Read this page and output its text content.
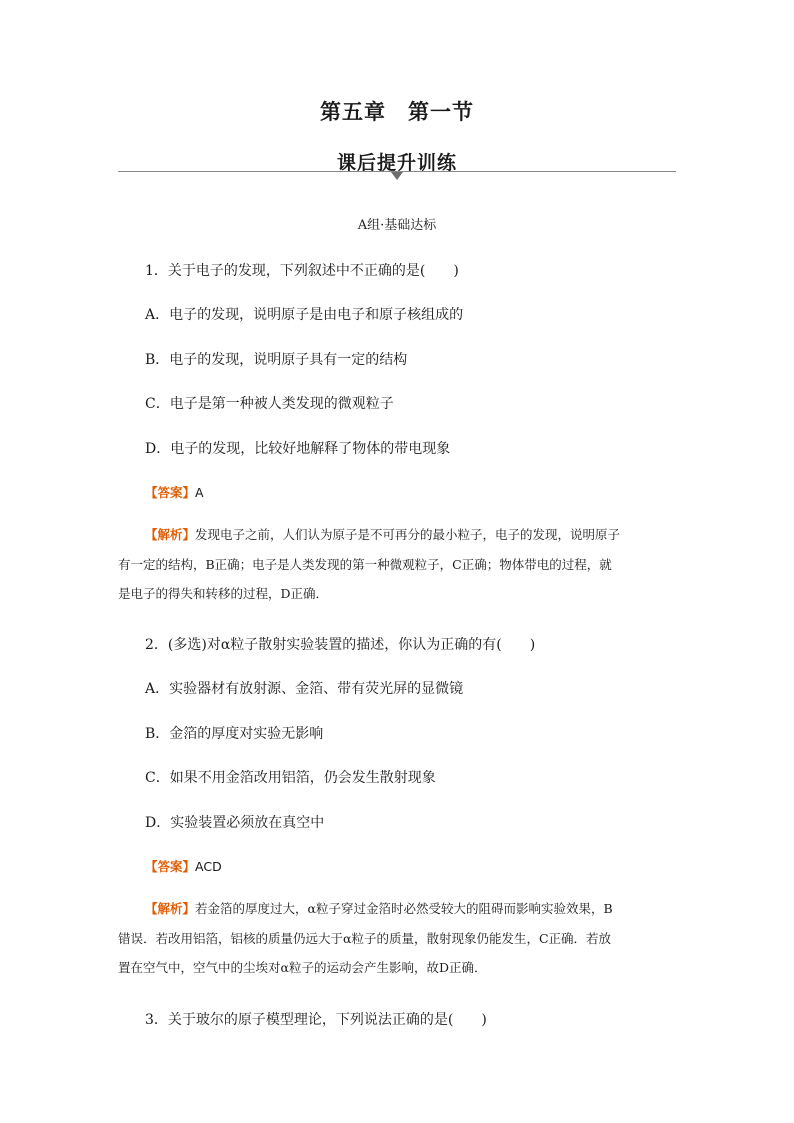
第五章　第一节
课后提升训练
A组·基础达标
1．关于电子的发现，下列叙述中不正确的是(　　)
A．电子的发现，说明原子是由电子和原子核组成的
B．电子的发现，说明原子具有一定的结构
C．电子是第一种被人类发现的微观粒子
D．电子的发现，比较好地解释了物体的带电现象
【答案】A
【解析】发现电子之前，人们认为原子是不可再分的最小粒子，电子的发现，说明原子
有一定的结构，B正确；电子是人类发现的第一种微观粒子，C正确；物体带电的过程，就
是电子的得失和转移的过程，D正确．
2．(多选)对α粒子散射实验装置的描述，你认为正确的有(　　)
A．实验器材有放射源、金箔、带有荧光屏的显微镜
B．金箔的厚度对实验无影响
C．如果不用金箔改用铝箔，仍会发生散射现象
D．实验装置必须放在真空中
【答案】ACD
【解析】若金箔的厚度过大，α粒子穿过金箔时必然受较大的阻碍而影响实验效果，B
错误．若改用铝箔，铝核的质量仍远大于α粒子的质量，散射现象仍能发生，C正确．若放
置在空气中，空气中的尘埃对α粒子的运动会产生影响，故D正确．
3．关于玻尔的原子模型理论，下列说法正确的是(　　)
